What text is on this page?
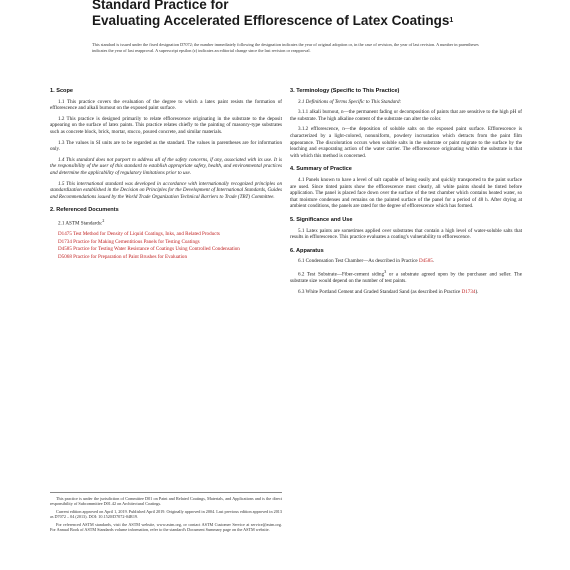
Standard Practice for
Evaluating Accelerated Efflorescence of Latex Coatings$^1$
This standard is issued under the fixed designation D7072; the number immediately following the designation indicates the year of original adoption or, in the case of revision, the year of last revision. A number in parentheses indicates the year of last reapproval. A superscript epsilon (ε) indicates an editorial change since the last revision or reapproval.
1. Scope

1.1 This practice covers the evaluation of the degree to which a latex paint resists the formation of efflorescence and alkali burnout on the exposed paint surface.

1.2 This practice is designed primarily to relate efflorescence originating in the substrate to the deposit appearing on the surface of latex paints. This practice relates chiefly to the painting of masonry-type substrates such as concrete block, brick, mortar, stucco, poured concrete, and similar materials.

1.3 The values in SI units are to be regarded as the standard. The values in parentheses are for information only.

1.4 This standard does not purport to address all of the safety concerns, if any, associated with its use. It is the responsibility of the user of this standard to establish appropriate safety, health, and environmental practices and determine the applicability of regulatory limitations prior to use.

1.5 This international standard was developed in accordance with internationally recognized principles on standardization established in the Decision on Principles for the Development of International Standards, Guides and Recommendations issued by the World Trade Organization Technical Barriers to Trade (TBT) Committee.

2. Referenced Documents

2.1 ASTM Standards:$^2$

D1475 Test Method for Density of Liquid Coatings, Inks, and Related Products
D1734 Practice for Making Cementitious Panels for Testing Coatings
D4585 Practice for Testing Water Resistance of Coatings Using Controlled Condensation
D5068 Practice for Preparation of Paint Brushes for Evaluation

This practice is under the jurisdiction of Committee D01 on Paint and Related Coatings, Materials, and Applications and is the direct responsibility of Subcommittee D01.42 on Architectural Coatings.

Current edition approved on April 1, 2019. Published April 2019. Originally approved in 2004. Last previous edition approved in 2013 as D7072 – 04 (2013). DOI: 10.1520/D7072-04R19.

For referenced ASTM standards, visit the ASTM website, www.astm.org, or contact ASTM Customer Service at service@astm.org. For Annual Book of ASTM Standards volume information, refer to the standard's Document Summary page on the ASTM website.

3. Terminology (Specific to This Practice)

3.1 Definitions of Terms Specific to This Standard:

3.1.1 alkali burnout, n—the permanent fading or decomposition of paints that are sensitive to the high pH of the substrate. The high alkaline content of the substrate can alter the color.

3.1.2 efflorescence, n—the deposition of soluble salts on the exposed paint surface. Efflorescence is characterized by a light-colored, nonuniform, powdery incrustation which detracts from the paint film appearance. The discoloration occurs when soluble salts in the substrate or paint migrate to the surface by the leaching and evaporating action of the water carrier. The efflorescence originating within the substrate is that with which this method is concerned.

4. Summary of Practice

4.1 Panels known to have a level of salt capable of being easily and quickly transported to the paint surface are used. Since tinted paints show the efflorescence most clearly, all white paints should be tinted before application. The panel is placed face down over the surface of the test chamber which contains heated water, so that moisture condenses and remains on the painted surface of the panel for a period of 48 h. After drying at ambient conditions, the panels are rated for the degree of efflorescence which has formed.

5. Significance and Use

5.1 Latex paints are sometimes applied over substrates that contain a high level of water-soluble salts that results in efflorescence. This practice evaluates a coating's vulnerability to efflorescence.

6. Apparatus

6.1 Condensation Test Chamber—As described in Practice D4585.

6.2 Test Substrate—Fiber-cement siding$^3$ or a substrate agreed upon by the purchaser and seller. The substrate size would depend on the number of test paints.

6.3 White Portland Cement and Graded Standard Sand (as described in Practice D1734).
